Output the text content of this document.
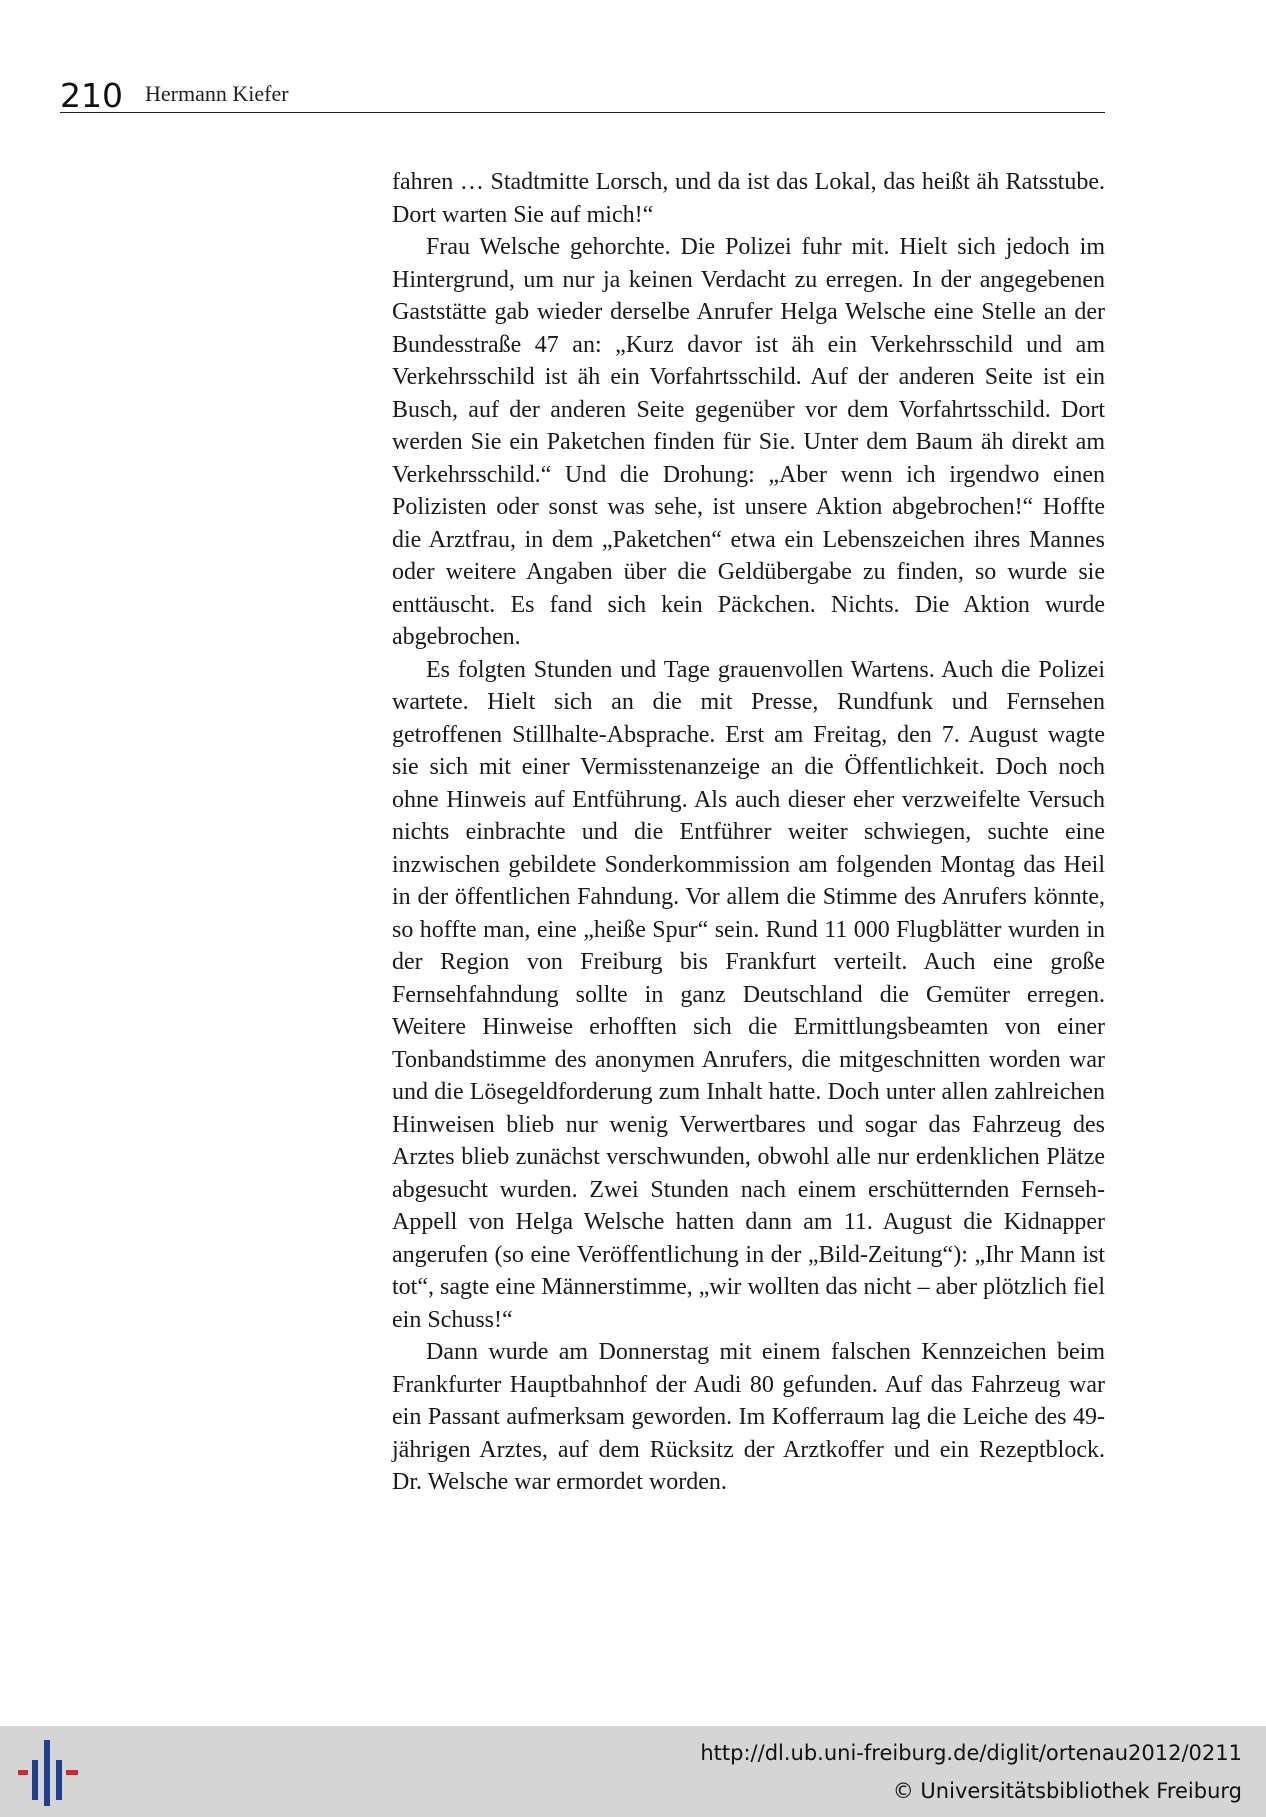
210 Hermann Kiefer

fahren … Stadtmitte Lorsch, und da ist das Lokal, das heißt äh Ratsstube. Dort warten Sie auf mich!“

Frau Welsche gehorchte. Die Polizei fuhr mit. Hielt sich jedoch im Hintergrund, um nur ja keinen Verdacht zu erregen. In der angegebenen Gaststätte gab wieder derselbe Anrufer Helga Welsche eine Stelle an der Bundesstraße 47 an: „Kurz davor ist äh ein Verkehrsschild und am Verkehrsschild ist äh ein Vorfahrtsschild. Auf der anderen Seite ist ein Busch, auf der anderen Seite gegenüber vor dem Vorfahrtsschild. Dort werden Sie ein Paketchen finden für Sie. Unter dem Baum äh direkt am Verkehrsschild.“ Und die Drohung: „Aber wenn ich irgendwo einen Polizisten oder sonst was sehe, ist unsere Aktion abgebrochen!“ Hoffte die Arztfrau, in dem „Paketchen“ etwa ein Lebenszeichen ihres Mannes oder weitere Angaben über die Geldübergabe zu finden, so wurde sie enttäuscht. Es fand sich kein Päckchen. Nichts. Die Aktion wurde abgebrochen.

Es folgten Stunden und Tage grauenvollen Wartens. Auch die Polizei wartete. Hielt sich an die mit Presse, Rundfunk und Fernsehen getroffenen Stillhalte-Absprache. Erst am Freitag, den 7. August wagte sie sich mit einer Vermisstenanzeige an die Öffentlichkeit. Doch noch ohne Hinweis auf Entführung. Als auch dieser eher verzweifelte Versuch nichts einbrachte und die Entführer weiter schwiegen, suchte eine inzwischen gebildete Sonderkommission am folgenden Montag das Heil in der öffentlichen Fahndung. Vor allem die Stimme des Anrufers könnte, so hoffte man, eine „heiße Spur“ sein. Rund 11 000 Flugblätter wurden in der Region von Freiburg bis Frankfurt verteilt. Auch eine große Fernsehfahndung sollte in ganz Deutschland die Gemüter erregen. Weitere Hinweise erhofften sich die Ermittlungsbeamten von einer Tonbandstimme des anonymen Anrufers, die mitgeschnitten worden war und die Lösegeldforderung zum Inhalt hatte. Doch unter allen zahlreichen Hinweisen blieb nur wenig Verwertbares und sogar das Fahrzeug des Arztes blieb zunächst verschwunden, obwohl alle nur erdenklichen Plätze abgesucht wurden. Zwei Stunden nach einem erschütternden Fernseh-Appell von Helga Welsche hatten dann am 11. August die Kidnapper angerufen (so eine Veröffentlichung in der „Bild-Zeitung“): „Ihr Mann ist tot“, sagte eine Männerstimme, „wir wollten das nicht – aber plötzlich fiel ein Schuss!“

Dann wurde am Donnerstag mit einem falschen Kennzeichen beim Frankfurter Hauptbahnhof der Audi 80 gefunden. Auf das Fahrzeug war ein Passant aufmerksam geworden. Im Kofferraum lag die Leiche des 49-jährigen Arztes, auf dem Rücksitz der Arztkoffer und ein Rezeptblock. Dr. Welsche war ermordet worden.

http://dl.ub.uni-freiburg.de/diglit/ortenau2012/0211
© Universitätsbibliothek Freiburg
